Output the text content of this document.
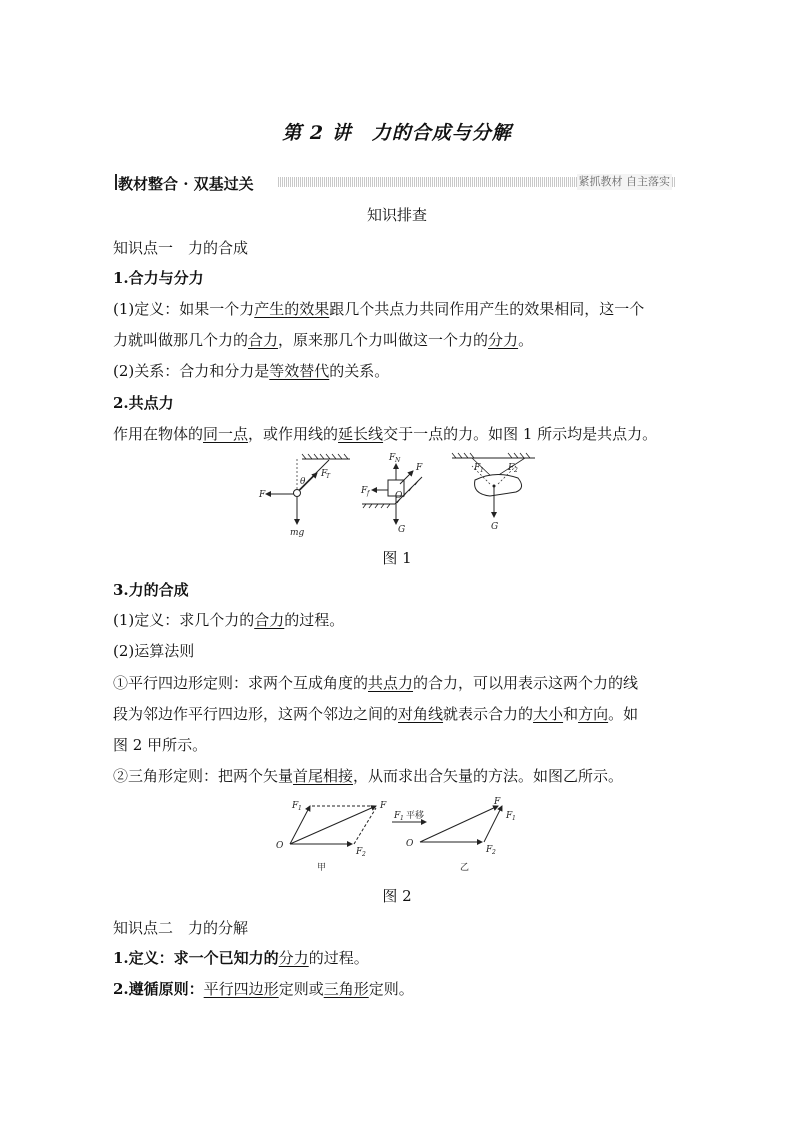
第 2 讲　力的合成与分解
教材整合 · 双基过关	紧抓教材 自主落实
知识排查
知识点一　力的合成
1.合力与分力
(1)定义：如果一个力产生的效果跟几个共点力共同作用产生的效果相同，这一个
力就叫做那几个力的合力，原来那几个力叫做这一个力的分力。
(2)关系：合力和分力是等效替代的关系。
2.共点力
作用在物体的同一点，或作用线的延长线交于一点的力。如图 1 所示均是共点力。
F
F
T
θ
mg
F N
F
F f	O
G
F 1	F 2
G
图 1
3.力的合成
(1)定义：求几个力的合力的过程。
(2)运算法则
①平行四边形定则：求两个互成角度的共点力的合力，可以用表示这两个力的线
段为邻边作平行四边形，这两个邻边之间的对角线就表示合力的大小和方向。如
图 2 甲所示。
②三角形定则：把两个矢量首尾相接，从而求出合矢量的方法。如图乙所示。
F 1	F
O
F 2
甲
F 1 平移
O
F
F 1
F 2
乙
图 2
知识点二　力的分解
1.定义：求一个已知力的分力的过程。
2.遵循原则：平行四边形定则或三角形定则。
